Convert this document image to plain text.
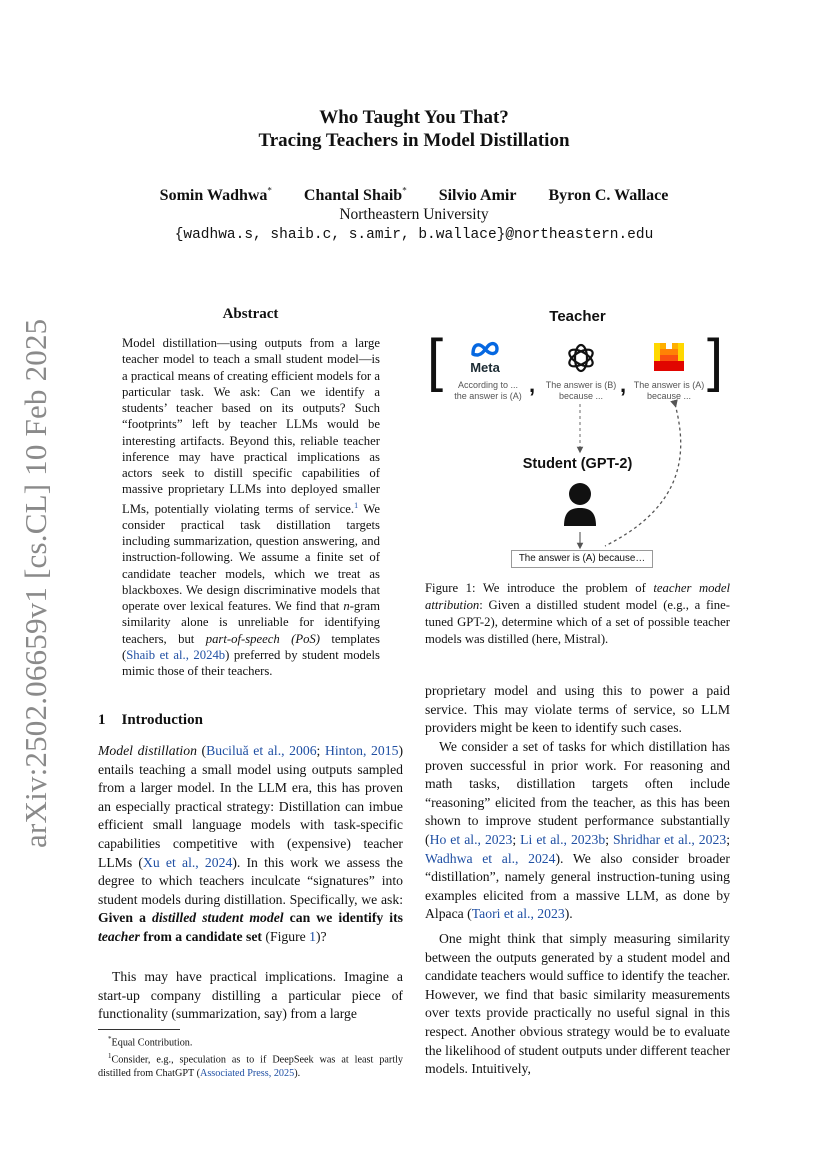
arXiv:2502.06659v1 [cs.CL] 10 Feb 2025
Who Taught You That?
Tracing Teachers in Model Distillation
Somin Wadhwa* Chantal Shaib* Silvio Amir Byron C. Wallace
Northeastern University
{wadhwa.s, shaib.c, s.amir, b.wallace}@northeastern.edu
Abstract
Model distillation—using outputs from a large teacher model to teach a small student model—is a practical means of creating efficient models for a particular task. We ask: Can we identify a students’ teacher based on its outputs? Such “footprints” left by teacher LLMs would be interesting artifacts. Beyond this, reliable teacher inference may have practical implications as actors seek to distill specific capabilities of massive proprietary LLMs into deployed smaller LMs, potentially violating terms of service.$^1$ We consider practical task distillation targets including summarization, question answering, and instruction-following. We assume a finite set of candidate teacher models, which we treat as blackboxes. We design discriminative models that operate over lexical features. We find that n-gram similarity alone is unreliable for identifying teachers, but part-of-speech (PoS) templates (Shaib et al., 2024b) preferred by student models mimic those of their teachers.
1 Introduction
Model distillation (Buciluă et al., 2006; Hinton, 2015) entails teaching a small model using outputs sampled from a larger model. In the LLM era, this has proven an especially practical strategy: Distillation can imbue efficient small language models with task-specific capabilities competitive with (expensive) teacher LLMs (Xu et al., 2024). In this work we assess the degree to which teachers inculcate “signatures” into student models during distillation. Specifically, we ask: Given a distilled student model can we identify its teacher from a candidate set (Figure 1)?

This may have practical implications. Imagine a start-up company distilling a particular piece of functionality (summarization, say) from a large

*Equal Contribution.

$^1$Consider, e.g., speculation as to if DeepSeek was at least partly distilled from ChatGPT (Associated Press, 2025).

Teacher
[	]
Meta
According to ...
the answer is (A) ,	The answer is (B)
because ... , The answer is (A)
because ...
Student (GPT-2)
The answer is (A) because…
Figure 1: We introduce the problem of teacher model attribution: Given a distilled student model (e.g., a fine-tuned GPT-2), determine which of a set of possible teacher models was distilled (here, Mistral).

proprietary model and using this to power a paid service. This may violate terms of service, so LLM providers might be keen to identify such cases.

We consider a set of tasks for which distillation has proven successful in prior work. For reasoning and math tasks, distillation targets often include “reasoning” elicited from the teacher, as this has been shown to improve student performance substantially (Ho et al., 2023; Li et al., 2023b; Shridhar et al., 2023; Wadhwa et al., 2024). We also consider broader “distillation”, namely general instruction-tuning using examples elicited from a massive LLM, as done by Alpaca (Taori et al., 2023).

One might think that simply measuring similarity between the outputs generated by a student model and candidate teachers would suffice to identify the teacher. However, we find that basic similarity measurements over texts provide practically no useful signal in this respect. Another obvious strategy would be to evaluate the likelihood of student outputs under different teacher models. Intuitively,
